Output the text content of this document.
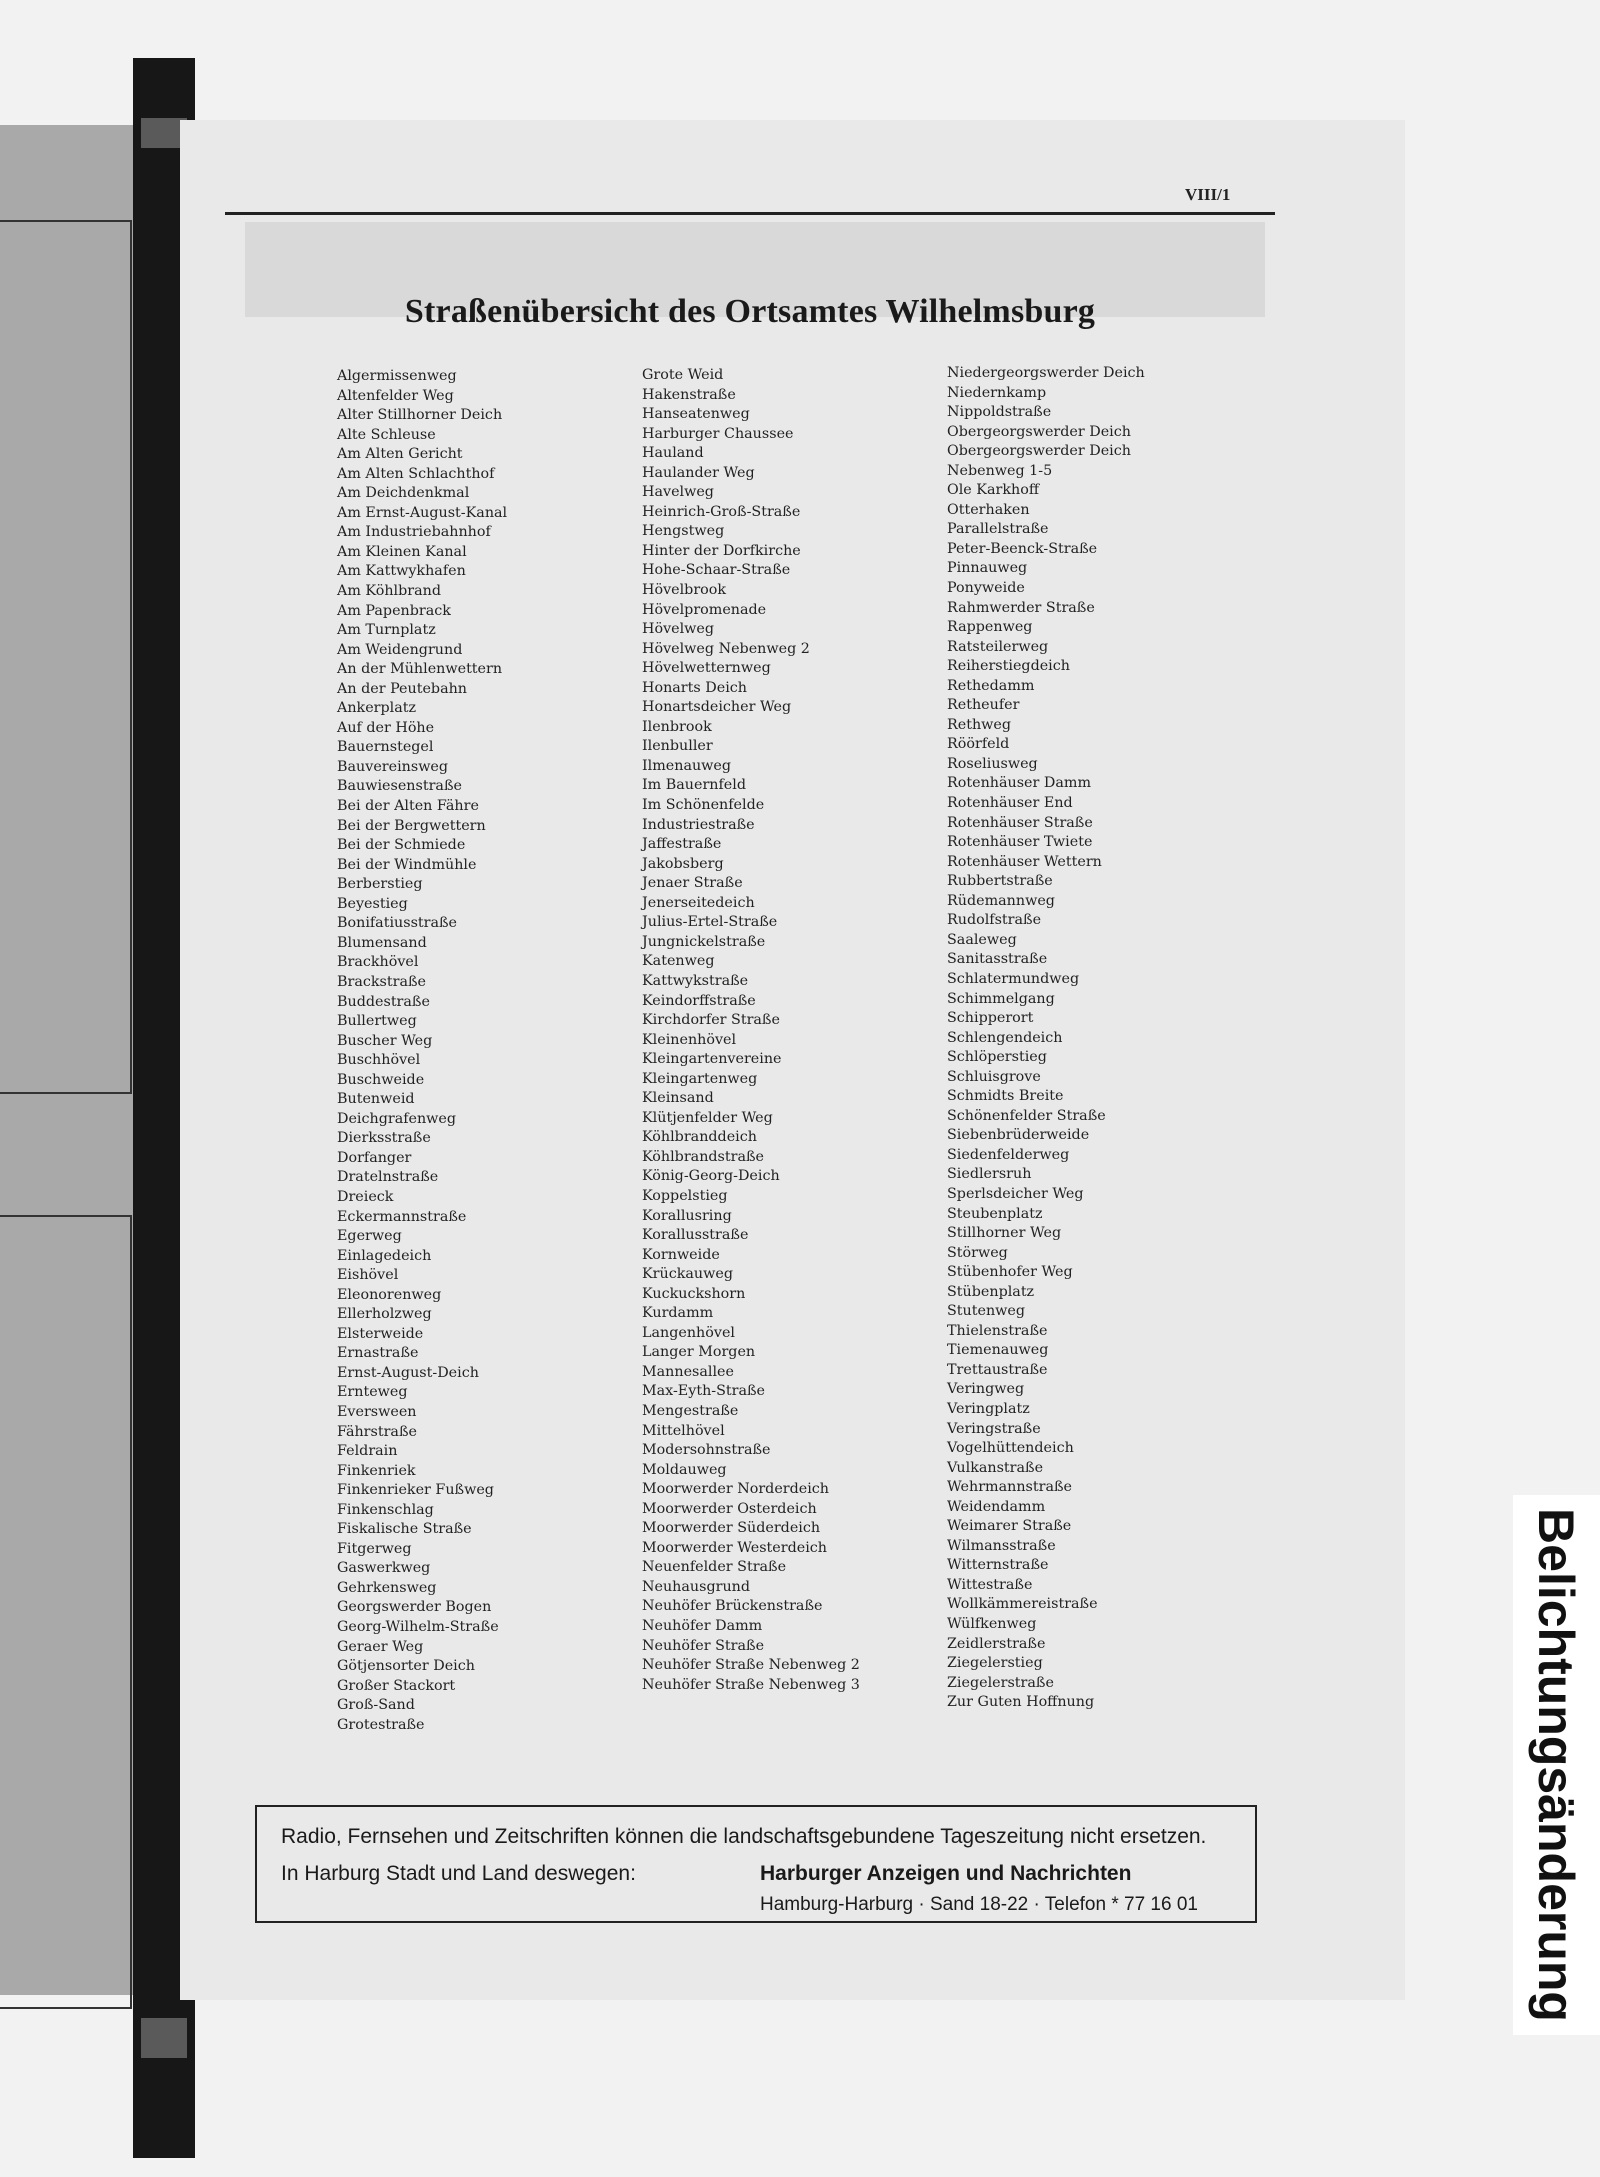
VIII/1
Straßenübersicht des Ortsamtes Wilhelmsburg
Algermissenweg
Altenfelder Weg
Alter Stillhorner Deich
Alte Schleuse
Am Alten Gericht
Am Alten Schlachthof
Am Deichdenkmal
Am Ernst-August-Kanal
Am Industriebahnhof
Am Kleinen Kanal
Am Kattwykhafen
Am Köhlbrand
Am Papenbrack
Am Turnplatz
Am Weidengrund
An der Mühlenwettern
An der Peutebahn
Ankerplatz
Auf der Höhe
Bauernstegel
Bauvereinsweg
Bauwiesenstraße
Bei der Alten Fähre
Bei der Bergwettern
Bei der Schmiede
Bei der Windmühle
Berberstieg
Beyestieg
Bonifatiusstraße
Blumensand
Brackhövel
Brackstraße
Buddestraße
Bullertweg
Buscher Weg
Buschhövel
Buschweide
Butenweid
Deichgrafenweg
Dierksstraße
Dorfanger
Dratelnstraße
Dreieck
Eckermannstraße
Egerweg
Einlagedeich
Eishövel
Eleonorenweg
Ellerholzweg
Elsterweide
Ernastraße
Ernst-August-Deich
Ernteweg
Eversween
Fährstraße
Feldrain
Finkenriek
Finkenrieker Fußweg
Finkenschlag
Fiskalische Straße
Fitgerweg
Gaswerkweg
Gehrkensweg
Georgswerder Bogen
Georg-Wilhelm-Straße
Geraer Weg
Götjensorter Deich
Großer Stackort
Groß-Sand
Grotestraße
Grote Weid
Hakenstraße
Hanseatenweg
Harburger Chaussee
Hauland
Haulander Weg
Havelweg
Heinrich-Groß-Straße
Hengstweg
Hinter der Dorfkirche
Hohe-Schaar-Straße
Hövelbrook
Hövelpromenade
Hövelweg
Hövelweg Nebenweg 2
Hövelwetternweg
Honarts Deich
Honartsdeicher Weg
Ilenbrook
Ilenbuller
Ilmenauweg
Im Bauernfeld
Im Schönenfelde
Industriestraße
Jaffestraße
Jakobsberg
Jenaer Straße
Jenerseitedeich
Julius-Ertel-Straße
Jungnickelstraße
Katenweg
Kattwykstraße
Keindorffstraße
Kirchdorfer Straße
Kleinenhövel
Kleingartenvereine
Kleingartenweg
Kleinsand
Klütjenfelder Weg
Köhlbranddeich
Köhlbrandstraße
König-Georg-Deich
Koppelstieg
Korallusring
Korallusstraße
Kornweide
Krückauweg
Kuckuckshorn
Kurdamm
Langenhövel
Langer Morgen
Mannesallee
Max-Eyth-Straße
Mengestraße
Mittelhövel
Modersohnstraße
Moldauweg
Moorwerder Norderdeich
Moorwerder Osterdeich
Moorwerder Süderdeich
Moorwerder Westerdeich
Neuenfelder Straße
Neuhausgrund
Neuhöfer Brückenstraße
Neuhöfer Damm
Neuhöfer Straße
Neuhöfer Straße Nebenweg 2
Neuhöfer Straße Nebenweg 3
Niedergeorgswerder Deich
Niedernkamp
Nippoldstraße
Obergeorgswerder Deich
Obergeorgswerder Deich
Nebenweg 1-5
Ole Karkhoff
Otterhaken
Parallelstraße
Peter-Beenck-Straße
Pinnauweg
Ponyweide
Rahmwerder Straße
Rappenweg
Ratsteilerweg
Reiherstiegdeich
Rethedamm
Retheufer
Rethweg
Röörfeld
Roseliusweg
Rotenhäuser Damm
Rotenhäuser End
Rotenhäuser Straße
Rotenhäuser Twiete
Rotenhäuser Wettern
Rubbertstraße
Rüdemannweg
Rudolfstraße
Saaleweg
Sanitasstraße
Schlatermundweg
Schimmelgang
Schipperort
Schlengendeich
Schlöperstieg
Schluisgrove
Schmidts Breite
Schönenfelder Straße
Siebenbrüderweide
Siedenfelderweg
Siedlersruh
Sperlsdeicher Weg
Steubenplatz
Stillhorner Weg
Störweg
Stübenhofer Weg
Stübenplatz
Stutenweg
Thielenstraße
Tiemenauweg
Trettaustraße
Veringweg
Veringplatz
Veringstraße
Vogelhüttendeich
Vulkanstraße
Wehrmannstraße
Weidendamm
Weimarer Straße
Wilmansstraße
Witternstraße
Wittestraße
Wollkämmereistraße
Wülfkenweg
Zeidlerstraße
Ziegelerstieg
Ziegelerstraße
Zur Guten Hoffnung
Radio, Fernsehen und Zeitschriften können die landschaftsgebundene Tageszeitung nicht ersetzen.
In Harburg Stadt und Land deswegen:	Harburger Anzeigen und Nachrichten
Hamburg-Harburg · Sand 18-22 · Telefon * 77 16 01	Belichtungsänderung
